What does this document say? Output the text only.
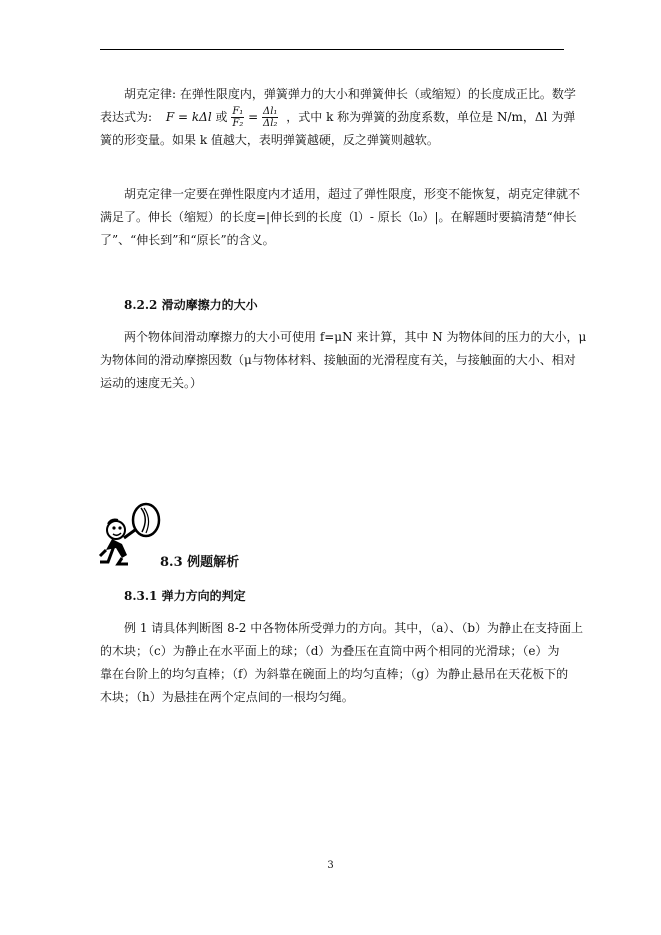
胡克定律: 在弹性限度内，弹簧弹力的大小和弹簧伸长（或缩短）的长度成正比。数学
表达式为: F = kΔl 或 $\frac{\text{F₁}}{\text{F₂}} = \frac{\text{Δl₁}}{\text{Δl₂}}$ ，式中 k 称为弹簧的劲度系数，单位是 N/m，Δl 为弹
簧的形变量。如果 k 值越大，表明弹簧越硬，反之弹簧则越软。
胡克定律一定要在弹性限度内才适用，超过了弹性限度，形变不能恢复，胡克定律就不
满足了。伸长（缩短）的长度=|伸长到的长度（l）- 原长（l₀）|。在解题时要搞清楚“伸长
了”、“伸长到”和“原长”的含义。
8.2.2 滑动摩擦力的大小
两个物体间滑动摩擦力的大小可使用 f=μN 来计算，其中 N 为物体间的压力的大小，μ
为物体间的滑动摩擦因数（μ与物体材料、接触面的光滑程度有关，与接触面的大小、相对
运动的速度无关。）
8.3 例题解析
8.3.1 弹力方向的判定
例 1 请具体判断图 8-2 中各物体所受弹力的方向。其中，（a）、（b）为静止在支持面上
的木块；（c）为静止在水平面上的球；（d）为叠压在直筒中两个相同的光滑球；（e）为
靠在台阶上的均匀直棒；（f）为斜靠在碗面上的均匀直棒；（g）为静止悬吊在天花板下的
木块；（h）为悬挂在两个定点间的一根均匀绳。
3
